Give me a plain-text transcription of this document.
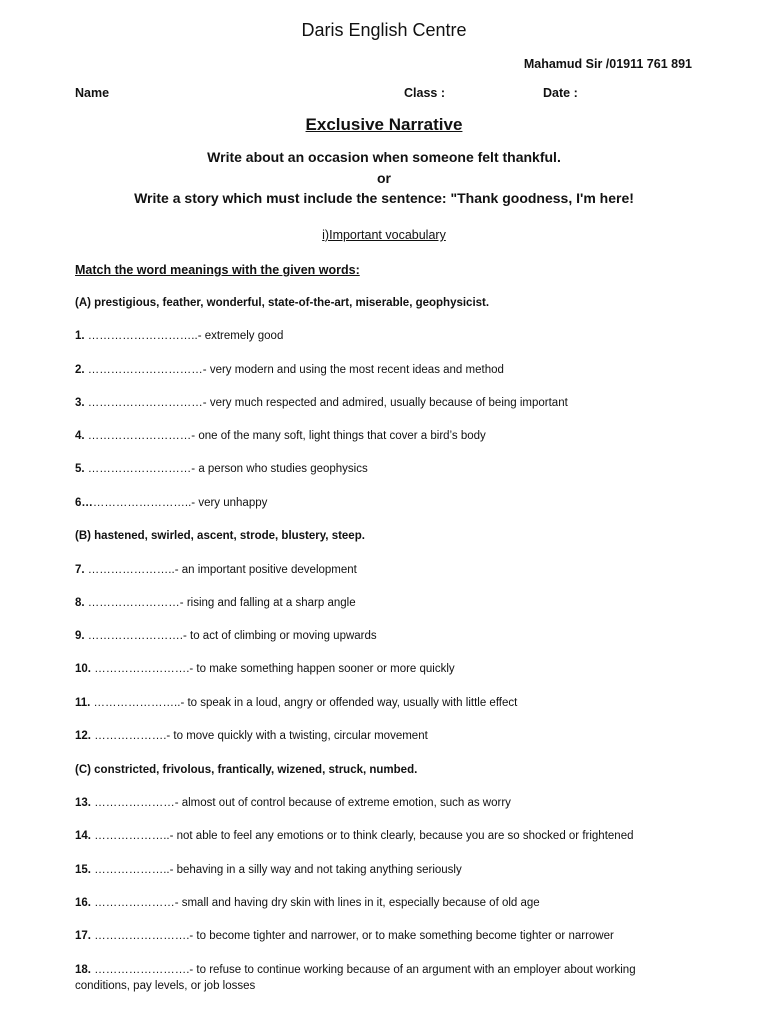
Daris English Centre
Mahamud Sir /01911 761 891
Name	Class :	Date :
Exclusive Narrative
Write about an occasion when someone felt thankful.
or
Write a story which must include the sentence: "Thank goodness, I'm here!
i)Important vocabulary
Match the word meanings with the given words:
(A) prestigious, feather, wonderful, state-of-the-art, miserable, geophysicist.
1. ………………………..- extremely good
2. …………………………- very modern and using the most recent ideas and method
3. …………………………- very much respected and admired, usually because of being important
4. ………………………- one of the many soft, light things that cover a bird’s body
5. ………………………- a person who studies geophysics
6………………………..- very unhappy
(B) hastened, swirled, ascent, strode, blustery, steep.
7. …………………..- an important positive development
8. ……………………- rising and falling at a sharp angle
9. …………………….- to act of climbing or moving upwards
10. …………………….- to make something happen sooner or more quickly
11. …………………..- to speak in a loud, angry or offended way, usually with little effect
12. ……………….- to move quickly with a twisting, circular movement
(C) constricted, frivolous, frantically, wizened, struck, numbed.
13. …………………- almost out of control because of extreme emotion, such as worry
14. ………………..- not able to feel any emotions or to think clearly, because you are so shocked or frightened
15. ………………..- behaving in a silly way and not taking anything seriously
16. …………………- small and having dry skin with lines in it, especially because of old age
17. …………………….- to become tighter and narrower, or to make something become tighter or narrower
18. …………………….- to refuse to continue working because of an argument with an employer about working conditions, pay levels, or job losses
